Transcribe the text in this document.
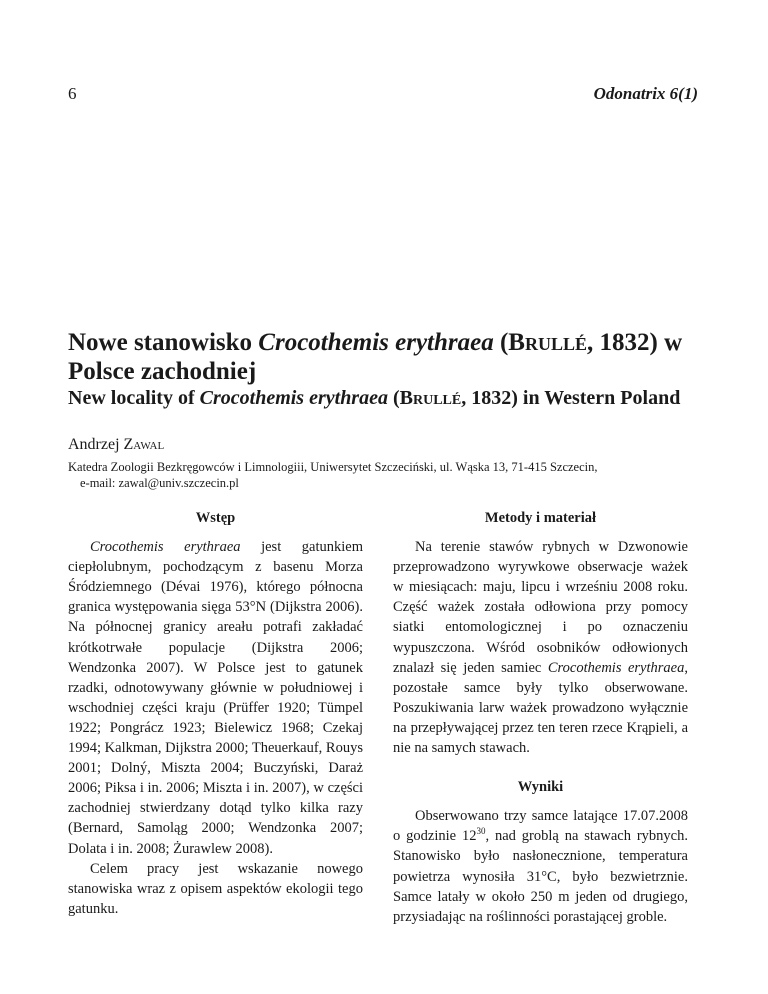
6	Odonatrix 6(1)
Nowe stanowisko Crocothemis erythraea (Brullé, 1832) w Polsce zachodniej
New locality of Crocothemis erythraea (Brullé, 1832) in Western Poland
Andrzej Zawal
Katedra Zoologii Bezkręgowców i Limnologiii, Uniwersytet Szczeciński, ul. Wąska 13, 71-415 Szczecin,
e-mail: zawal@univ.szczecin.pl
Wstęp

Crocothemis erythraea jest gatunkiem ciepłolubnym, pochodzącym z basenu Morza Śródziemnego (Dévai 1976), którego północna granica występowania sięga 53°N (Dijkstra 2006). Na północnej granicy areału potrafi zakładać krótkotrwałe populacje (Dijkstra 2006; Wendzonka 2007). W Polsce jest to gatunek rzadki, odnotowywany głównie w południowej i wschodniej części kraju (Prüffer 1920; Tümpel 1922; Pongrácz 1923; Bielewicz 1968; Czekaj 1994; Kalkman, Dijkstra 2000; Theuerkauf, Rouys 2001; Dolný, Miszta 2004; Buczyński, Daraż 2006; Piksa i in. 2006; Miszta i in. 2007), w części zachodniej stwierdzany dotąd tylko kilka razy (Bernard, Samoląg 2000; Wendzonka 2007; Dolata i in. 2008; Żurawlew 2008).

Celem pracy jest wskazanie nowego stanowiska wraz z opisem aspektów ekologii tego gatunku.

Metody i materiał

Na terenie stawów rybnych w Dzwonowie przeprowadzono wyrywkowe obserwacje ważek w miesiącach: maju, lipcu i wrześniu 2008 roku. Część ważek została odłowiona przy pomocy siatki entomologicznej i po oznaczeniu wypuszczona. Wśród osobników odłowionych znalazł się jeden samiec Crocothemis erythraea, pozostałe samce były tylko obserwowane. Poszukiwania larw ważek prowadzono wyłącznie na przepływającej przez ten teren rzece Krąpieli, a nie na samych stawach.

Wyniki

Obserwowano trzy samce latające 17.07.2008 o godzinie $12^{30}$, nad groblą na stawach rybnych. Stanowisko było nasłonecznione, temperatura powietrza wynosiła 31°C, było bezwietrznie. Samce latały w około 250 m jeden od drugiego, przysiadając na roślinności porastającej groble.
